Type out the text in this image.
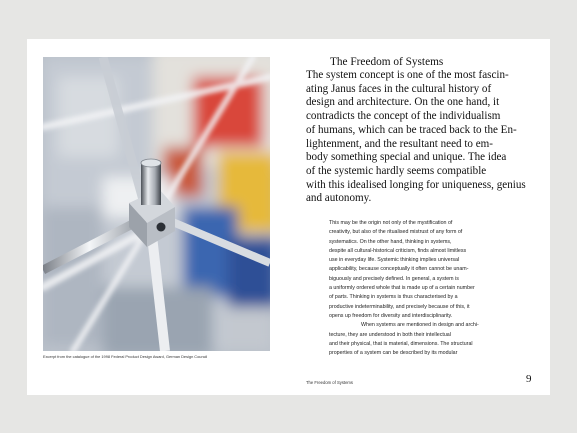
Excerpt from the catalogue of the 1998 Federal Product Design Award, German Design Council
The Freedom of Systems
The system concept is one of the most fascin-
ating Janus faces in the cultural history of
design and architecture. On the one hand, it
contradicts the concept of the individualism
of humans, which can be traced back to the En-
lightenment, and the resultant need to em-
body something special and unique. The idea
of the systemic hardly seems compatible
with this idealised longing for uniqueness, genius
and autonomy.
This may be the origin not only of the mystification of
creativity, but also of the ritualised mistrust of any form of
systematics. On the other hand, thinking in systems,
despite all cultural-historical criticism, finds almost limitless
use in everyday life. Systemic thinking implies universal
applicability, because conceptually it often cannot be unam-
biguously and precisely defined. In general, a system is
a uniformly ordered whole that is made up of a certain number
of parts. Thinking in systems is thus characterised by a
productive indeterminability, and precisely because of this, it
opens up freedom for diversity and interdisciplinarity.
When systems are mentioned in design and archi-
tecture, they are understood in both their intellectual
and their physical, that is material, dimensions. The structural
properties of a system can be described by its modular
The Freedom of Systems	9
